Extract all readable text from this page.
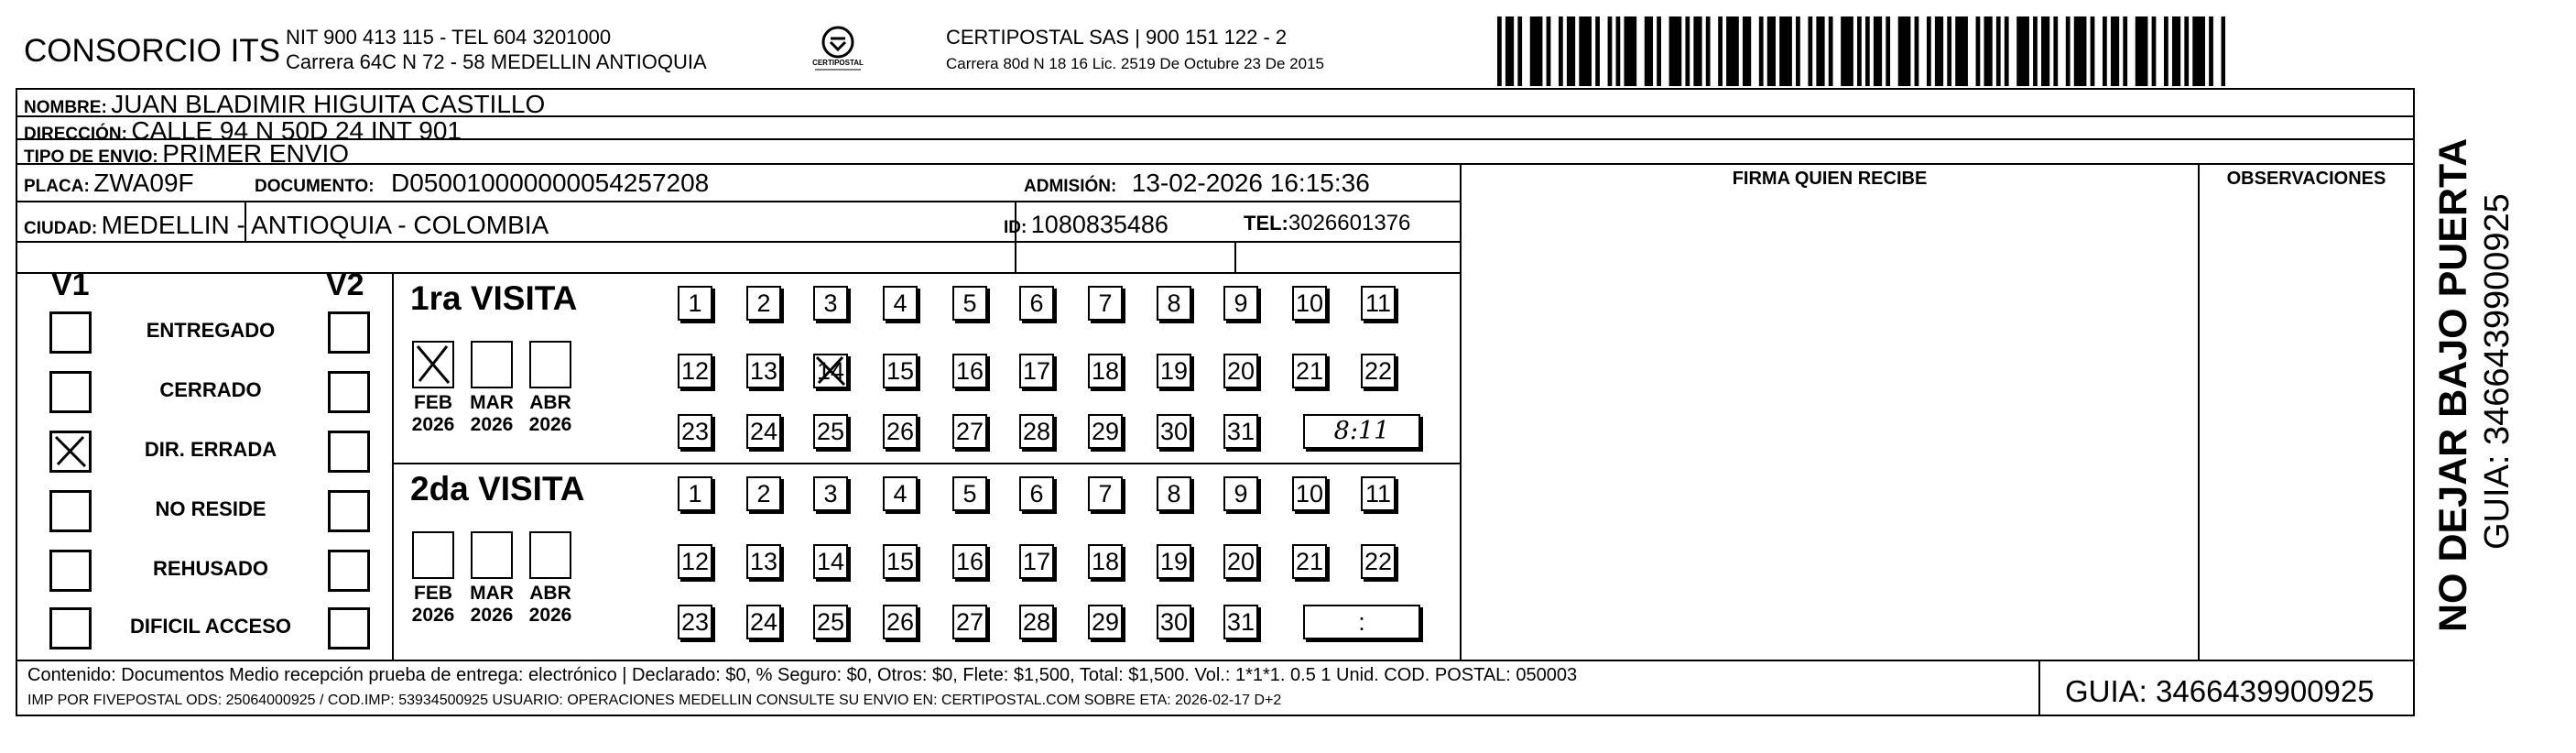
CONSORCIO ITS NIT 900 413 115 - TEL 604 3201000
Carrera 64C N 72 - 58 MEDELLIN ANTIOQUIA	CERTIPOSTAL
CERTIPOSTAL SAS | 900 151 122 - 2
Carrera 80d N 18 16 Lic. 2519 De Octubre 23 De 2015
NOMBRE: JUAN BLADIMIR HIGUITA CASTILLO
DIRECCIÓN: CALLE 94 N 50D 24 INT 901
TIPO DE ENVIO: PRIMER ENVIO
FIRMA QUIEN RECIBE	OBSERVACIONES
PLACA: ZWA09F	DOCUMENTO: D050010000000054257208	ADMISIÓN: 13-02-2026 16:15:36
CIUDAD: MEDELLIN - ANTIOQUIA - COLOMBIA	ID: 1080835486	TEL:3026601376
V1	V2
ENTREGADO
CERRADO
DIR. ERRADA
NO RESIDE
REHUSADO
DIFICIL ACCESO
1ra VISITA
2da VISITA
FEB
2026
MAR
2026
ABR
2026
1	2	3	4	5	6	7	8	9	10 11
12 13 14 15 16 17 18 19 20 21 22
23 24 25 26 27 28 29 30 31	8:11
FEB
2026
MAR
2026
ABR
2026
1	2	3	4	5	6	7	8	9	10 11
12 13 14 15 16 17 18 19 20 21 22
23 24 25 26 27 28 29 30 31	:
Contenido: Documentos Medio recepción prueba de entrega: electrónico | Declarado: $0, % Seguro: $0, Otros: $0, Flete: $1,500, Total: $1,500. Vol.: 1*1*1. 0.5 1 Unid. COD. POSTAL: 050003
IMP POR FIVEPOSTAL ODS: 25064000925 / COD.IMP: 53934500925 USUARIO: OPERACIONES MEDELLIN CONSULTE SU ENVIO EN: CERTIPOSTAL.COM SOBRE ETA: 2026-02-17 D+2	GUIA: 3466439900925
NO DEJAR BAJO PUERTA GUIA: 3466439900925
